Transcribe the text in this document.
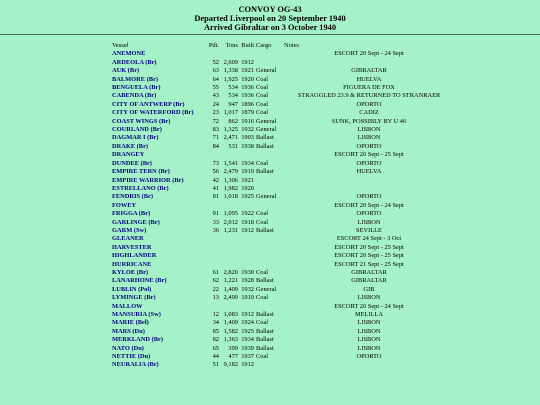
CONVOY OG-43
Departed Liverpool on 20 September 1940
Arrived Gibraltar on 3 October 1940
Vessel	Pdt.	Tons	Built	Cargo	Notes
ANEMONE					ESCORT 20 Sept - 24 Sept
ARDEOLA (Br)	52	2,609	1912		
AUK (Br)	63	1,338	1921	General	GIBRALTAR
BALMORE (Br)	64	1,925	1920	Coal	HUELVA
BENGUELA (Br)	55	534	1936	Coal	FIGUERA DE FOX
CABENDA (Br)	43	534	1936	Coal	STRAGGLED 23.9 & RETURNED TO STRANRAER
CITY OF ANTWERP (Br)	24	947	1896	Coal	OPORTO
CITY OF WATERFORD (Br)	23	1,017	1879	Coal	CADIZ
COAST WINGS (Br)	72	862	1916	General	SUNK, POSSIBLY BY U 46
COURLAND (Br)	83	1,325	1932	General	LISBON
DAGMAR I (Br)	71	2,471	1903	Ballast	LISBON
DRAKE (Br)	84	531	1938	Ballast	OPORTO
DRANGEY					ESCORT 20 Sept - 25 Sept
DUNDEE (Br)	73	1,541	1934	Coal	OPORTO
EMPIRE TERN (Br)	56	2,479	1919	Ballast	HUELVA
EMPIRE WARRIOR (Br)	42	1,306	1921		
ESTRELLANO (Br)	41	1,982	1920		
FENDRIS (Br)	81	1,018	1925	General	OPORTO
FOWEY					ESCORT 20 Sept - 24 Sept
FRIGGA (Br)	91	1,095	1922	Coal	OPORTO
GARLINGE (Br)	33	2,012	1918	Coal	LISBON
GARM (Sw)	36	1,231	1912	Ballast	SEVILLE
GLEANER					ESCORT 24 Sept - 3 Oct
HARVESTER					ESCORT 20 Sept - 25 Sept
HIGHLANDER					ESCORT 20 Sept - 25 Sept
HURRICANE					ESCORT 21 Sept - 25 Sept
KYLOE (Br)	61	2,820	1930	Coal	GIBRALTAR
LANARHONE (Br)	62	1,221	1928	Ballast	GIBRALTAR
LUBLIN (Pol)	22	1,409	1932	General	GIB
LYMINGE (Br)	13	2,499	1919	Coal	LISBON
MALLOW					ESCORT 20 Sept - 24 Sept
MANSURIA (Sw)	12	1,083	1912	Ballast	MELILLA
MARIE (Bel)	34	1,409	1924	Coal	LISBON
MARS (Du)	85	1,582	1925	Ballast	LISBON
MERKLAND (Br)	82	1,363	1934	Ballast	LISBON
NATO (Du)	65	399	1939	Ballast	LISBON
NETTIE (Du)	44	477	1937	Coal	OPORTO
NEURALIA (Br)	51	9,182	1912		
